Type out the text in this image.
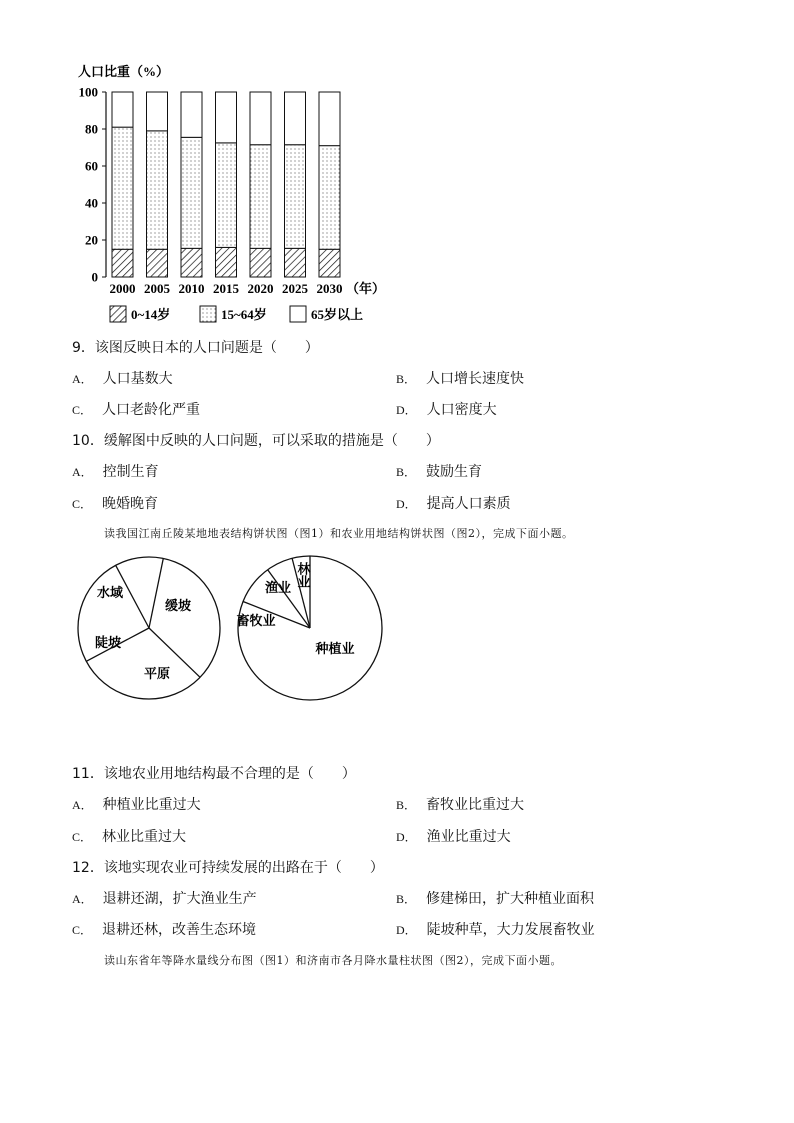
人口比重（%）
0
20
40
60
80
100
2000 2005 2010 2015 2020 2025 2030 （年）
0~14岁	15~64岁	65岁以上
9．该图反映日本的人口问题是（　　）
A． 人口基数大	B． 人口增长速度快
C． 人口老龄化严重	D． 人口密度大
10．缓解图中反映的人口问题，可以采取的措施是（　　）
A． 控制生育	B． 鼓励生育
C． 晚婚晚育	D． 提高人口素质
读我国江南丘陵某地地表结构饼状图（图1）和农业用地结构饼状图（图2），完成下面小题。
水域
缓坡
平原
陡坡	种植业
畜牧业
渔业
林业
11．该地农业用地结构最不合理的是（　　）
A． 种植业比重过大	B． 畜牧业比重过大
C． 林业比重过大	D． 渔业比重过大
12．该地实现农业可持续发展的出路在于（　　）
A． 退耕还湖，扩大渔业生产	B． 修建梯田，扩大种植业面积
C． 退耕还林，改善生态环境	D． 陡坡种草，大力发展畜牧业
读山东省年等降水量线分布图（图1）和济南市各月降水量柱状图（图2），完成下面小题。
